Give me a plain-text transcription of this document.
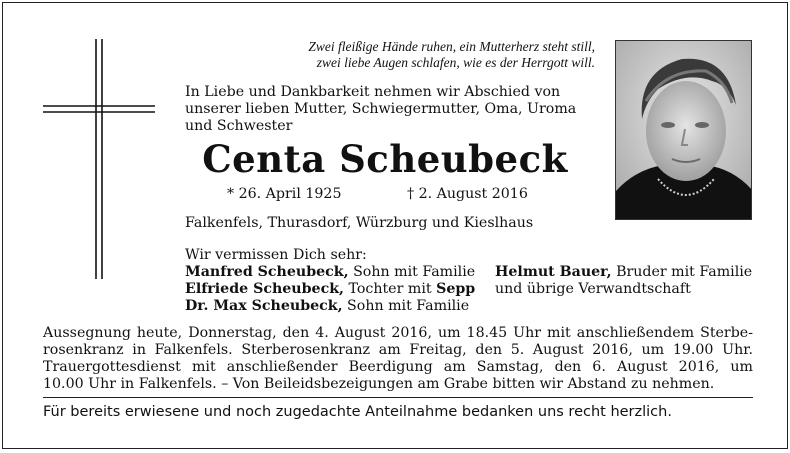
Zwei fleißige Hände ruhen, ein Mutterherz steht still,
zwei liebe Augen schlafen, wie es der Herrgott will.
In Liebe und Dankbarkeit nehmen wir Abschied von
unserer lieben Mutter, Schwiegermutter, Oma, Uroma
und Schwester
Centa Scheubeck
* 26. April 1925	† 2. August 2016
Falkenfels, Thurasdorf, Würzburg und Kieslhaus
Wir vermissen Dich sehr:
Manfred Scheubeck, Sohn mit Familie
Elfriede Scheubeck, Tochter mit Sepp
Dr. Max Scheubeck, Sohn mit Familie
Helmut Bauer, Bruder mit Familie
und übrige Verwandtschaft
Aussegnung heute, Donnerstag, den 4. August 2016, um 18.45 Uhr mit anschließendem Sterbe-
rosenkranz in Falkenfels. Sterberosenkranz am Freitag, den 5. August 2016, um 19.00 Uhr.
Trauergottesdienst mit anschließender Beerdigung am Samstag, den 6. August 2016, um
10.00 Uhr in Falkenfels. – Von Beileidsbezeigungen am Grabe bitten wir Abstand zu nehmen.
Für bereits erwiesene und noch zugedachte Anteilnahme bedanken uns recht herzlich.
